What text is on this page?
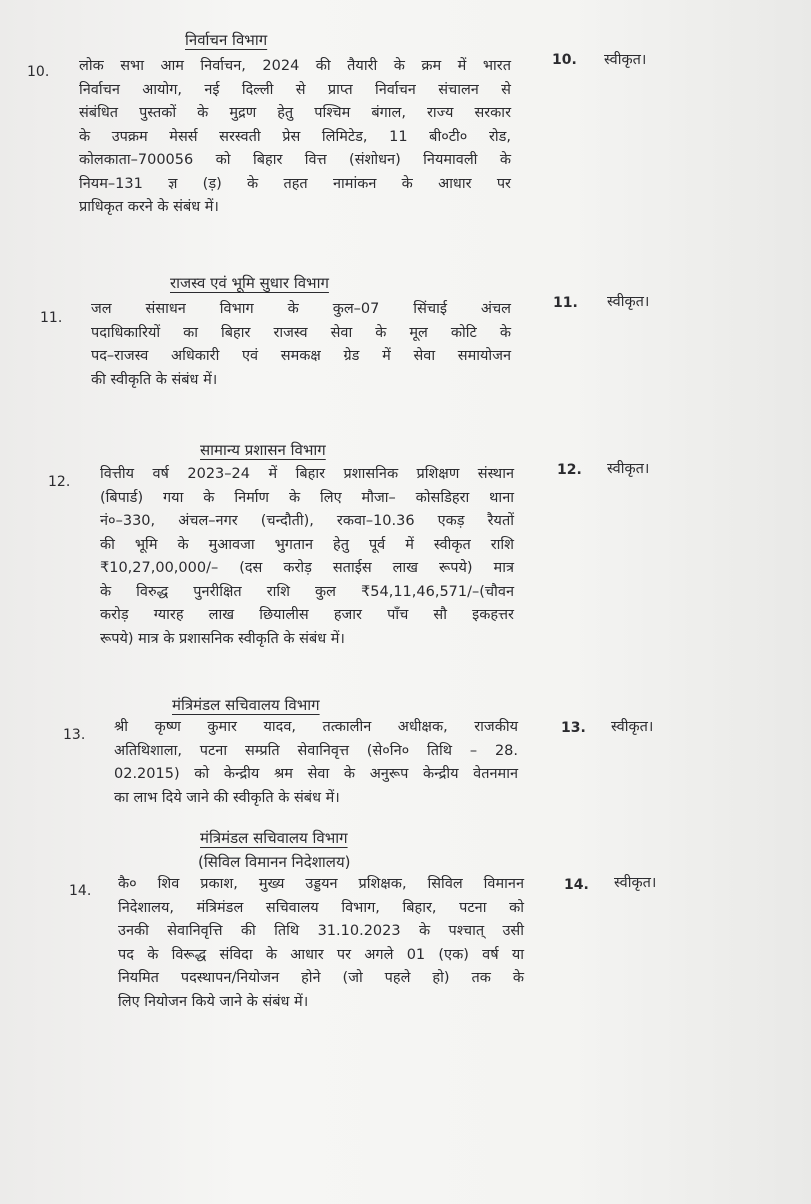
निर्वाचन विभाग
10. लोक सभा आम निर्वाचन, 2024 की तैयारी के क्रम में भारत
निर्वाचन आयोग, नई दिल्ली से प्राप्त निर्वाचन संचालन से
संबंधित पुस्तकों के मुद्रण हेतु पश्चिम बंगाल, राज्य सरकार
के उपक्रम मेसर्स सरस्वती प्रेस लिमिटेड, 11 बी०टी० रोड,
कोलकाता–700056 को बिहार वित्त (संशोधन) नियमावली के
नियम–131 ज्ञ (ड़) के तहत नामांकन के आधार पर
प्राधिकृत करने के संबंध में।
10. स्वीकृत।
राजस्व एवं भूमि सुधार विभाग
11.
जल संसाधन विभाग के कुल–07 सिंचाई अंचल
पदाधिकारियों का बिहार राजस्व सेवा के मूल कोटि के
पद–राजस्व अधिकारी एवं समकक्ष ग्रेड में सेवा समायोजन
की स्वीकृति के संबंध में।
11. स्वीकृत।
सामान्य प्रशासन विभाग
12. वित्तीय वर्ष 2023–24 में बिहार प्रशासनिक प्रशिक्षण संस्थान
(बिपार्ड) गया के निर्माण के लिए मौजा– कोसडिहरा थाना
नं०–330, अंचल–नगर (चन्दौती), रकवा–10.36 एकड़ रैयतों
की भूमि के मुआवजा भुगतान हेतु पूर्व में स्वीकृत राशि
₹10,27,00,000/– (दस करोड़ सताईस लाख रूपये) मात्र
के विरुद्ध पुनरीक्षित राशि कुल ₹54,11,46,571/–(चौवन
करोड़ ग्यारह लाख छियालीस हजार पाँच सौ इकहत्तर
रूपये) मात्र के प्रशासनिक स्वीकृति के संबंध में।
12. स्वीकृत।
मंत्रिमंडल सचिवालय विभाग
13. श्री कृष्ण कुमार यादव, तत्कालीन अधीक्षक, राजकीय
अतिथिशाला, पटना सम्प्रति सेवानिवृत्त (से०नि० तिथि – 28.
02.2015) को केन्द्रीय श्रम सेवा के अनुरूप केन्द्रीय वेतनमान
का लाभ दिये जाने की स्वीकृति के संबंध में।
13. स्वीकृत।
मंत्रिमंडल सचिवालय विभाग
(सिविल विमानन निदेशालय)
14. कै० शिव प्रकाश, मुख्य उड्डयन प्रशिक्षक, सिविल विमानन
निदेशालय, मंत्रिमंडल सचिवालय विभाग, बिहार, पटना को
उनकी सेवानिवृत्ति की तिथि 31.10.2023 के पश्चात् उसी
पद के विरूद्ध संविदा के आधार पर अगले 01 (एक) वर्ष या
नियमित पदस्थापन/नियोजन होने (जो पहले हो) तक के
लिए नियोजन किये जाने के संबंध में।
14. स्वीकृत।
